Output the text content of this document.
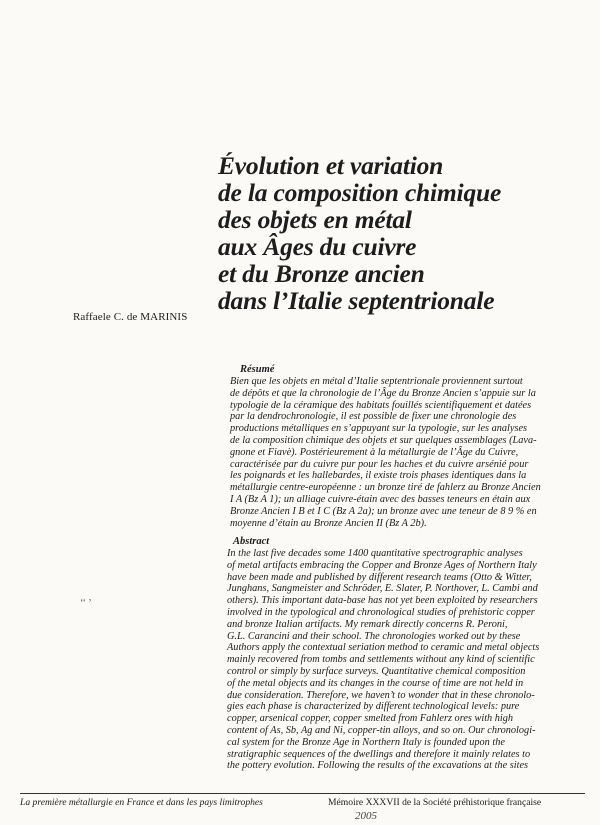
Évolution et variation
de la composition chimique
des objets en métal
aux Âges du cuivre
et du Bronze ancien
dans l’Italie septentrionale
Raffaele C. de MARINIS
Résumé
Bien que les objets en métal d’Italie septentrionale proviennent surtout
de dépôts et que la chronologie de l’Âge du Bronze Ancien s’appuie sur la
typologie de la céramique des habitats fouillés scientifiquement et datées
par la dendrochronologie, il est possible de fixer une chronologie des
productions métalliques en s’appuyant sur la typologie, sur les analyses
de la composition chimique des objets et sur quelques assemblages (Lava-
gnone et Fiavè). Postérieurement à la métallurgie de l’Âge du Cuivre,
caractérisée par du cuivre pur pour les haches et du cuivre arsénié pour
les poignards et les hallebardes, il existe trois phases identiques dans la
métallurgie centre-européenne : un bronze tiré de fahlerz au Bronze Ancien
I A (Bz A 1); un alliage cuivre-étain avec des basses teneurs en étain aux
Bronze Ancien I B et I C (Bz A 2a); un bronze avec une teneur de 8 9 % en
moyenne d’étain au Bronze Ancien II (Bz A 2b).
Abstract
In the last five decades some 1400 quantitative spectrographic analyses
of metal artifacts embracing the Copper and Bronze Ages of Northern Italy
have been made and published by different research teams (Otto & Witter,
Junghans, Sangmeister and Schröder, E. Slater, P. Northover, L. Cambi and
others). This important data-base has not yet been exploited by researchers
involved in the typological and chronological studies of prehistoric copper
and bronze Italian artifacts. My remark directly concerns R. Peroni,
G.L. Carancini and their school. The chronologies worked out by these
Authors apply the contextual seriation method to ceramic and metal objects
mainly recovered from tombs and settlements without any kind of scientific
control or simply by surface surveys. Quantitative chemical composition
of the metal objects and its changes in the course of time are not held in
due consideration. Therefore, we haven’t to wonder that in these chronolo-
gies each phase is characterized by different technological levels: pure
copper, arsenical copper, copper smelted from Fahlerz ores with high
content of As, Sb, Ag and Ni, copper-tin alloys, and so on. Our chronologi-
cal system for the Bronze Age in Northern Italy is founded upon the
stratigraphic sequences of the dwellings and therefore it mainly relates to
the pottery evolution. Following the results of the excavations at the sites
‘‘ ʼ
La première métallurgie en France et dans les pays limitrophes	Mémoire XXXVII de la Société préhistorique française
2005
